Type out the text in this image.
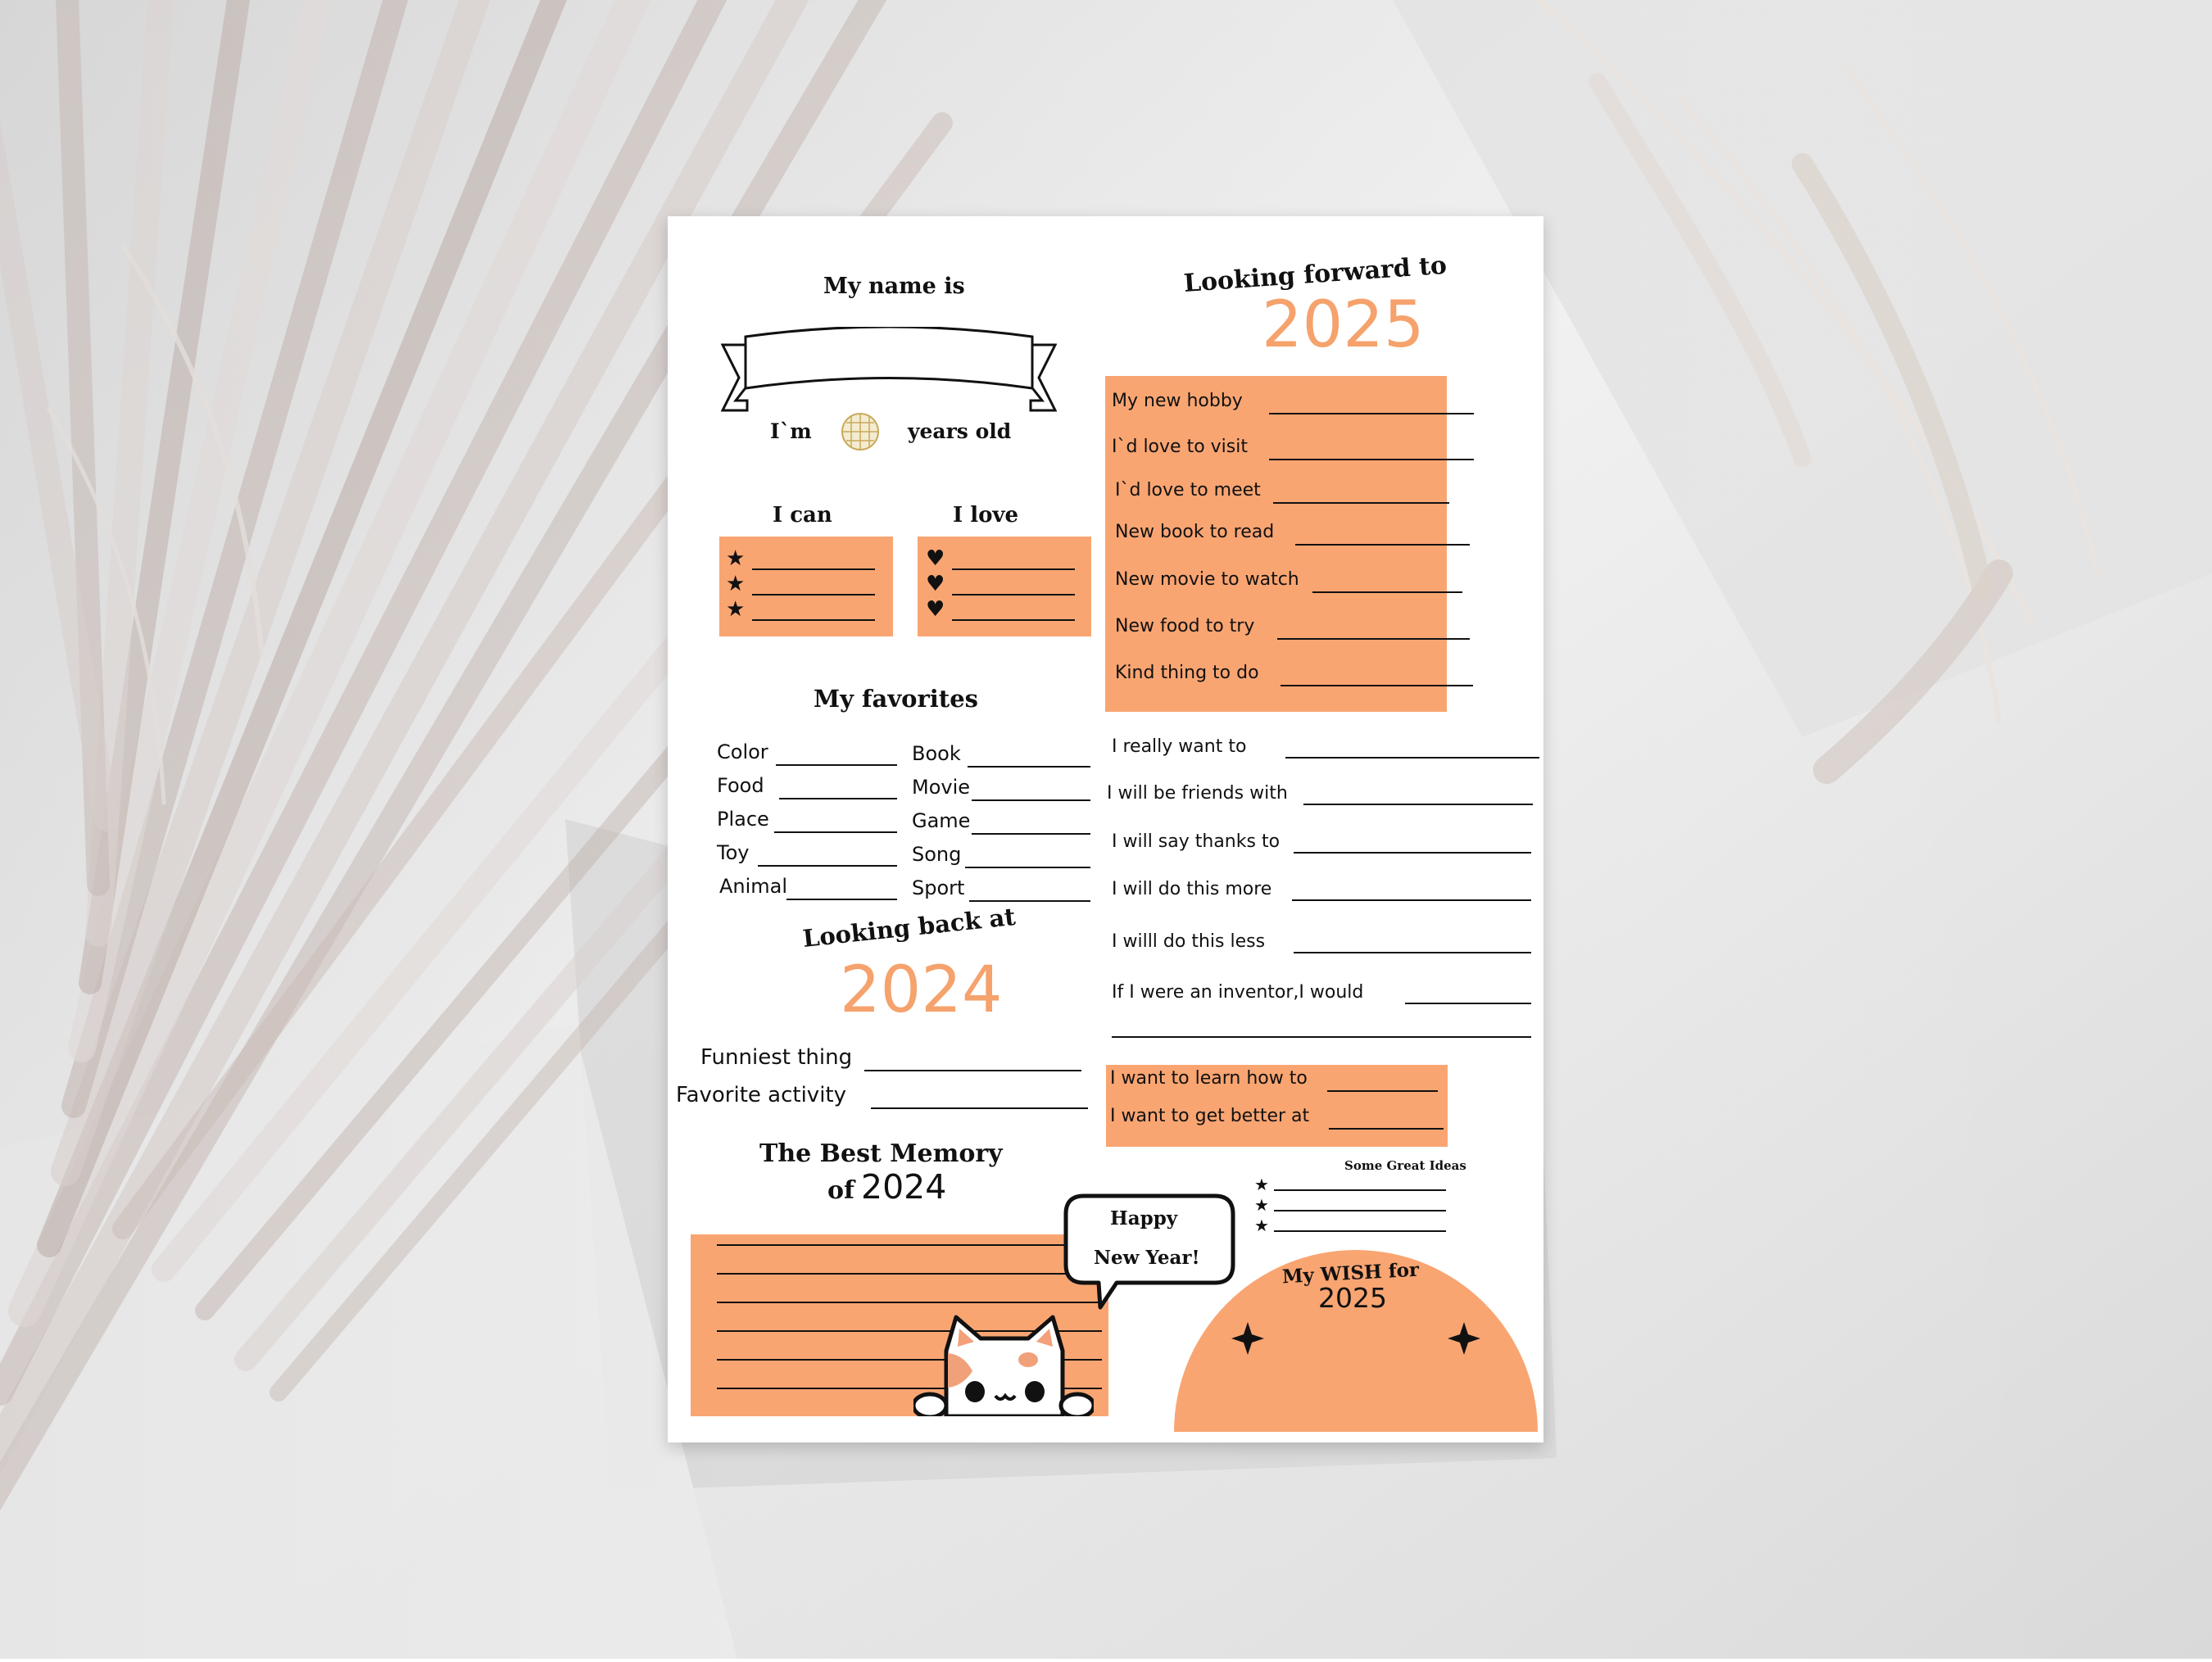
My name is
I`m	years old
Looking forward to
2025
I can	I love
★
★
★
♥
♥
♥
My new hobby
I`d love to visit
I`d love to meet
New book to read
New movie to watch
New food to try
Kind thing to do
My favorites
Color
Food
Place
Toy
Animal
Book
Movie
Game
Song
Sport
I really want to
I will be friends with
I will say thanks to
I will do this more
I willl do this less
If I were an inventor,I would
Looking back at
2024
Funniest thing
Favorite activity
I want to learn how to
I want to get better at
The Best Memory
of 2024
Happy
New Year!
Some Great Ideas
★
★
★
My WISH for
2025
